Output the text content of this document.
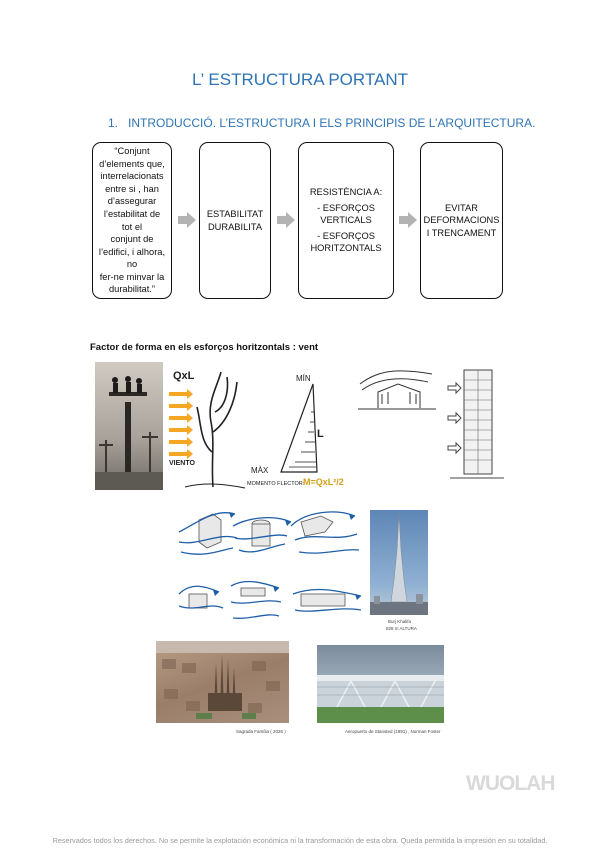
L’ ESTRUCTURA PORTANT
1. INTRODUCCIÓ. L’ESTRUCTURA I ELS PRINCIPIS DE L’ARQUITECTURA.
“Conjunt
d’elements que,
interrelacionats
entre si , han
d’assegurar
l’estabilitat de
tot el
conjunt de
l’edifici, i alhora,
no
fer-ne minvar la
durabilitat.”
ESTABILITAT
DURABILITA
RESISTÈNCIA A:
- ESFORÇOS
VERTICALS
- ESFORÇOS
HORITZONTALS
EVITAR
DEFORMACIONS
I TRENCAMENT
Factor de forma en els esforços horitzontals : vent
QxL
VIENTO
MÍN
MÀX
L
MOMENTO FLECTOR:
M=QxL²/2
Burj Khalifa
828 m ALTURA
Sagrada Família ( 2026 )	Aeropuerto de Stansted (1991) , Norman Foster
WUOLAH
Reservados todos los derechos. No se permite la explotación económica ni la transformación de esta obra. Queda permitida la impresión en su totalidad.
